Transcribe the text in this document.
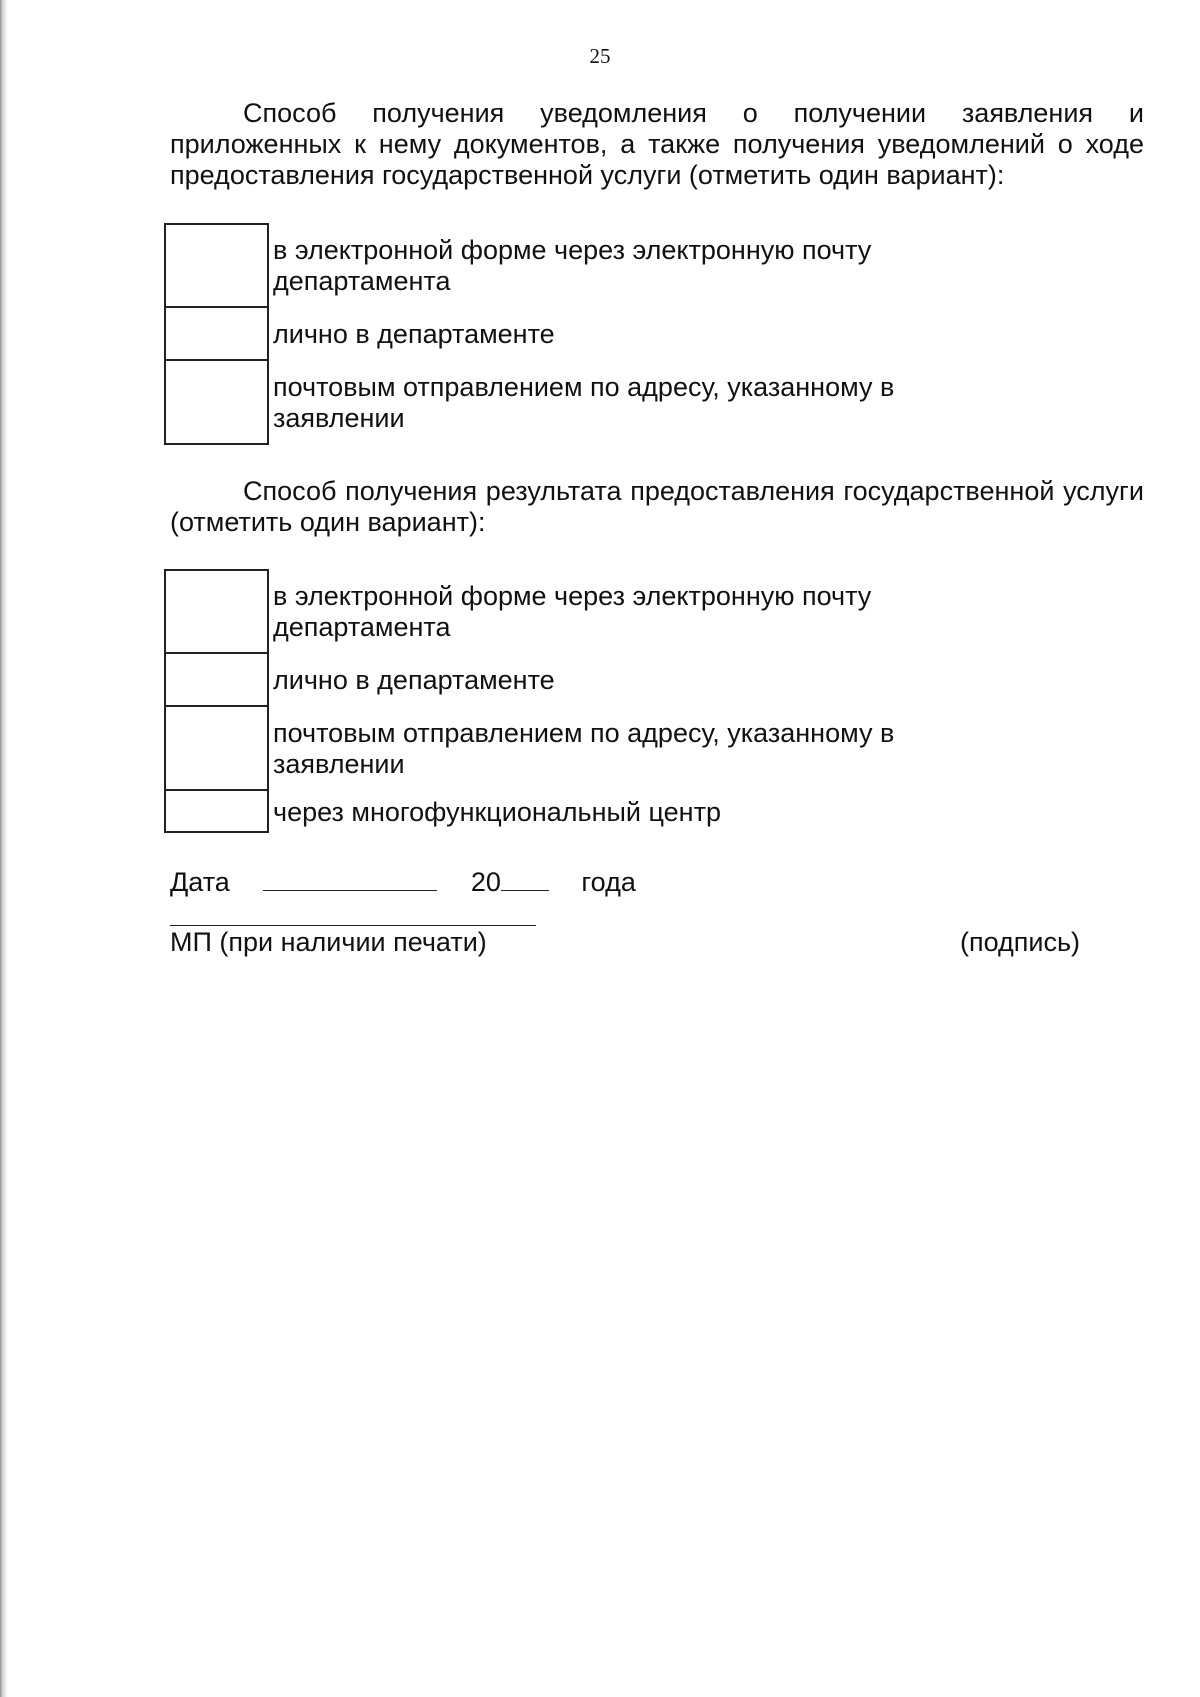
25
Способ получения уведомления о получении заявления и приложенных к нему документов, а также получения уведомлений о ходе предоставления государственной услуги (отметить один вариант):
в электронной форме через электронную почту департамента
лично в департаменте
почтовым отправлением по адресу, указанному в заявлении
Способ получения результата предоставления государственной услуги (отметить один вариант):
в электронной форме через электронную почту департамента
лично в департаменте
почтовым отправлением по адресу, указанному в заявлении
через многофункциональный центр
Дата	20	года
МП (при наличии печати)	(подпись)
